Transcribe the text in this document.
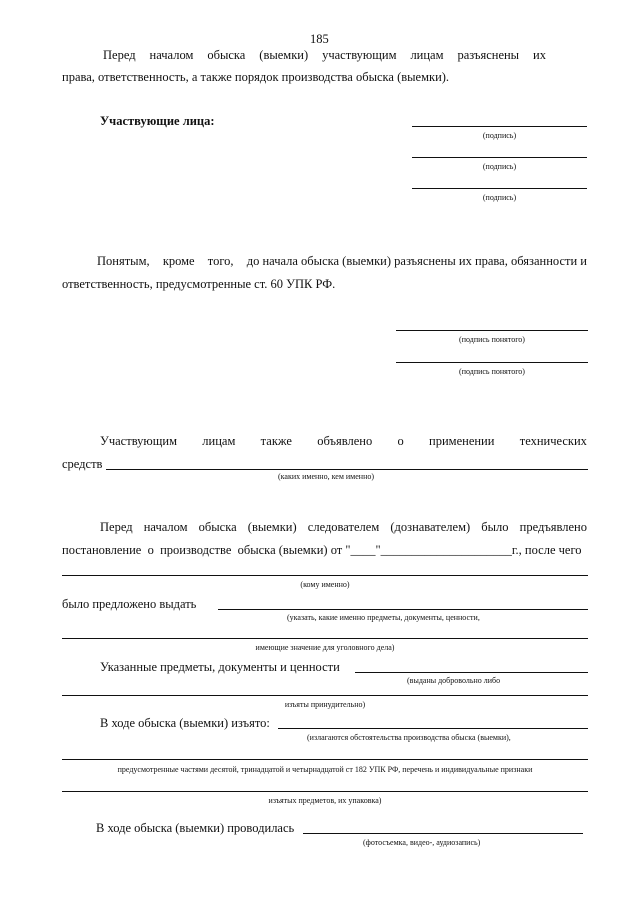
185
Перед началом обыска (выемки) участвующим лицам разъяснены их
права, ответственность, а также порядок производства обыска (выемки).
Участвующие лица:
(подпись)
(подпись)
(подпись)
Понятым, кроме того, до начала обыска (выемки) разъяснены их права, обязанности и
ответственность, предусмотренные ст. 60 УПК РФ.
(подпись понятого)
(подпись понятого)
Участвующим лицам также объявлено о применении технических
средств
(каких именно, кем именно)
Перед началом обыска (выемки) следователем (дознавателем) было предъявлено
постановление  о  производстве  обыска (выемки) от "____"_____________________г., после чего
(кому именно)
было предложено выдать
(указать, какие именно предметы, документы, ценности,
имеющие значение для уголовного дела)
Указанные предметы, документы и ценности
(выданы добровольно либо
изъяты принудительно)
В ходе обыска (выемки) изъято:
(излагаются обстоятельства производства обыска (выемки),
предусмотренные частями десятой, тринадцатой и четырнадцатой ст 182 УПК РФ, перечень и индивидуальные признаки
изъятых предметов, их упаковка)
В ходе обыска (выемки) проводилась
(фотосъемка, видео-, аудиозапись)
